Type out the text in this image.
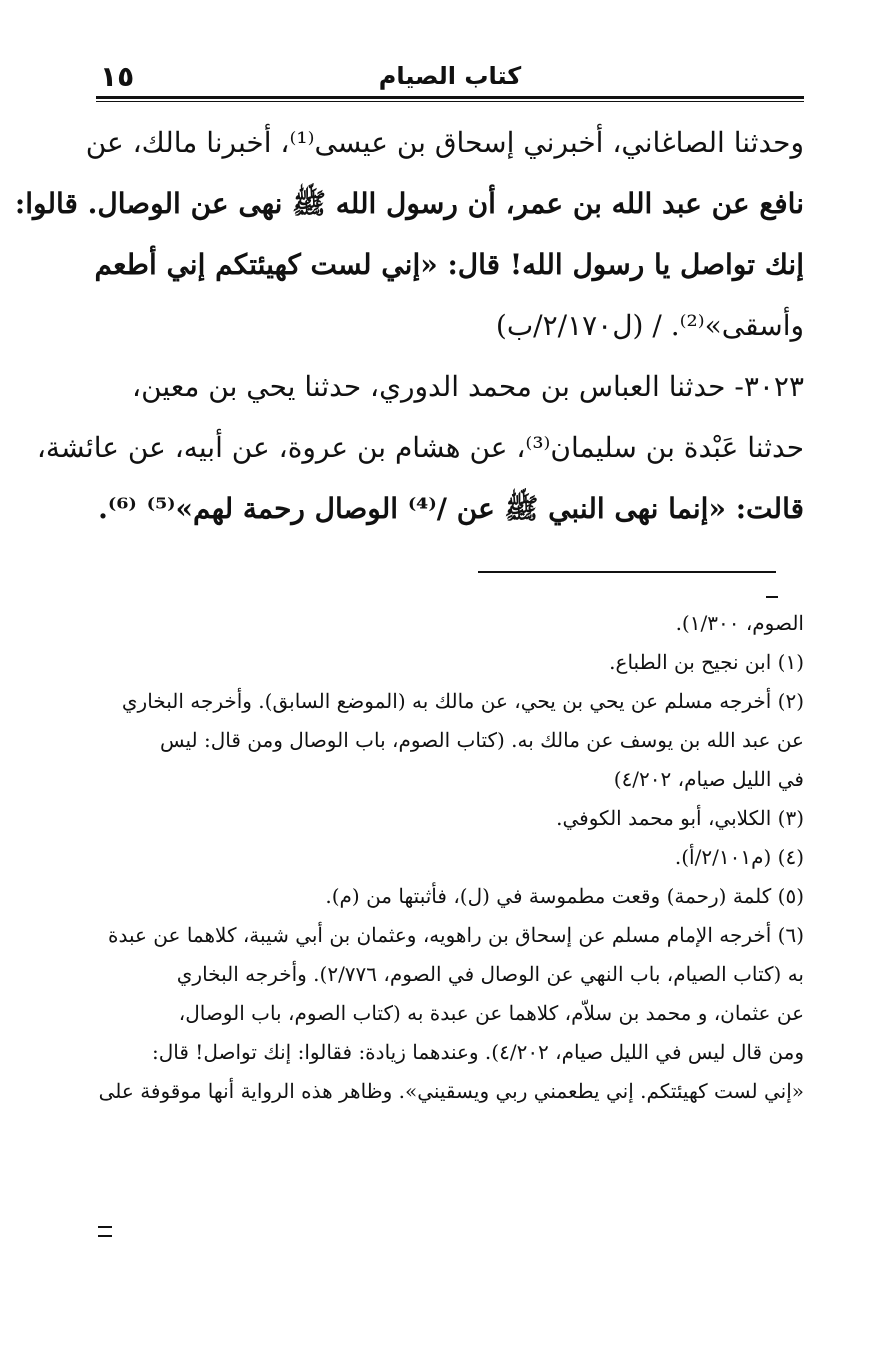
١٥	كتاب الصيام
وحدثنا الصاغاني، أخبرني إسحاق بن عيسى⁽¹⁾، أخبرنا مالك، عن
نافع عن عبد الله بن عمر، أن رسول الله ﷺ نهى عن الوصال. قالوا:
إنك تواصل يا رسول الله! قال: «إني لست كهيئتكم إني أطعم
وأسقى»⁽²⁾. / (ل٢/١٧٠/ب)
٣٠٢٣- حدثنا العباس بن محمد الدوري، حدثنا يحي بن معين،
حدثنا عَبْدة بن سليمان⁽³⁾، عن هشام بن عروة، عن أبيه، عن عائشة،
قالت: «إنما نهى النبي ﷺ عن /⁽⁴⁾ الوصال رحمة لهم»⁽⁵⁾ ⁽⁶⁾.
الصوم، ١/٣٠٠).
(١) ابن نجيح بن الطباع.
(٢) أخرجه مسلم عن يحي بن يحي، عن مالك به (الموضع السابق). وأخرجه البخاري
عن عبد الله بن يوسف عن مالك به. (كتاب الصوم، باب الوصال ومن قال: ليس
في الليل صيام، ٤/٢٠٢)
(٣) الكلابي، أبو محمد الكوفي.
(٤) (م٢/١٠١/أ).
(٥) كلمة (رحمة) وقعت مطموسة في (ل)، فأثبتها من (م).
(٦) أخرجه الإمام مسلم عن إسحاق بن راهويه، وعثمان بن أبي شيبة، كلاهما عن عبدة
به (كتاب الصيام، باب النهي عن الوصال في الصوم، ٢/٧٧٦). وأخرجه البخاري
عن عثمان، و محمد بن سلاّم، كلاهما عن عبدة به (كتاب الصوم، باب الوصال،
ومن قال ليس في الليل صيام، ٤/٢٠٢). وعندهما زيادة: فقالوا: إنك تواصل! قال:
«إني لست كهيئتكم. إني يطعمني ربي ويسقيني». وظاهر هذه الرواية أنها موقوفة على
